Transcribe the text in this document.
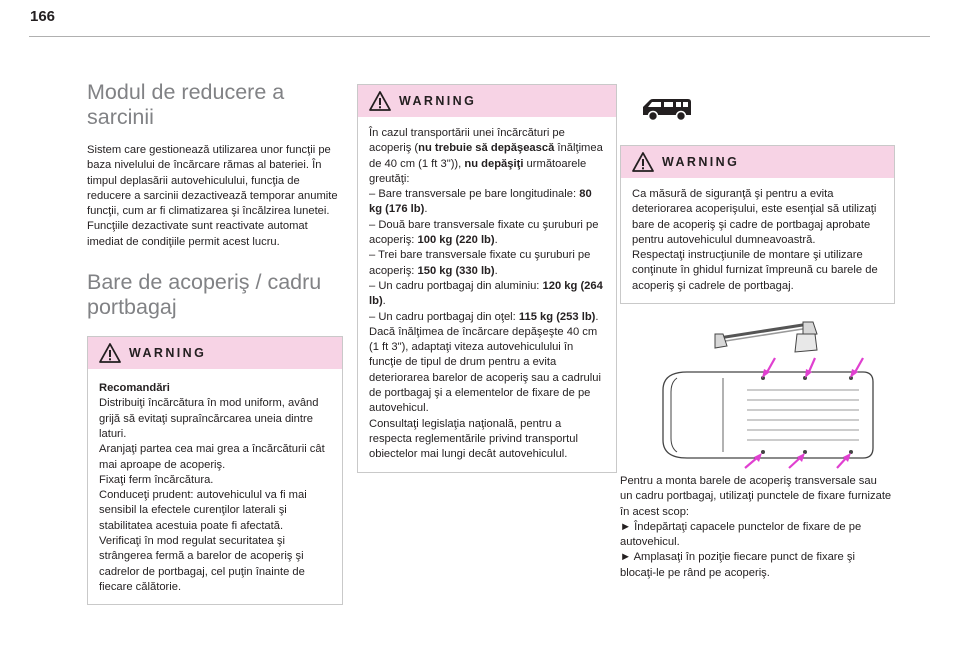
166
Modul de reducere a sarcinii

Sistem care gestionează utilizarea unor funcţii pe baza nivelului de încărcare rămas al bateriei. În timpul deplasării autovehiculului, funcţia de reducere a sarcinii dezactivează temporar anumite funcţii, cum ar fi climatizarea şi încălzirea lunetei.

Funcţiile dezactivate sunt reactivate automat imediat de condiţiile permit acest lucru.

Bare de acoperiş / cadru portbagaj
WARNING

Recomandări

Distribuiţi încărcătura în mod uniform, având grijă să evitaţi supraîncărcarea uneia dintre laturi.

Aranjaţi partea cea mai grea a încărcăturii cât mai aproape de acoperiş.

Fixaţi ferm încărcătura.

Conduceţi prudent: autovehiculul va fi mai sensibil la efectele curenţilor laterali şi stabilitatea acestuia poate fi afectată.

Verificaţi în mod regulat securitatea şi strângerea fermă a barelor de acoperiş şi cadrelor de portbagaj, cel puţin înainte de fiecare călătorie.

WARNING

În cazul transportării unei încărcături pe acoperiş (nu trebuie să depăşească înălţimea de 40 cm (1 ft 3")), nu depăşiţi următoarele greutăţi:

– Bare transversale pe bare longitudinale: 80 kg (176 lb).

– Două bare transversale fixate cu şuruburi pe acoperiş: 100 kg (220 lb).

– Trei bare transversale fixate cu şuruburi pe acoperiş: 150 kg (330 lb).

– Un cadru portbagaj din aluminiu: 120 kg (264 lb).

– Un cadru portbagaj din oţel: 115 kg (253 lb).

Dacă înălţimea de încărcare depăşeşte 40 cm (1 ft 3"), adaptaţi viteza autovehiculului în funcţie de tipul de drum pentru a evita deteriorarea barelor de acoperiş sau a cadrului de portbagaj şi a elementelor de fixare de pe autovehicul.

Consultaţi legislaţia naţională, pentru a respecta reglementările privind transportul obiectelor mai lungi decât autovehiculul.

WARNING

Ca măsură de siguranţă şi pentru a evita deteriorarea acoperişului, este esenţial să utilizaţi bare de acoperiş şi cadre de portbagaj aprobate pentru autovehiculul dumneavoastră.

Respectaţi instrucţiunile de montare şi utilizare conţinute în ghidul furnizat împreună cu barele de acoperiş şi cadrele de portbagaj.

Pentru a monta barele de acoperiş transversale sau un cadru portbagaj, utilizaţi punctele de fixare furnizate în acest scop:

► Îndepărtaţi capacele punctelor de fixare de pe autovehicul.

► Amplasaţi în poziţie fiecare punct de fixare şi blocaţi-le pe rând pe acoperiş.
